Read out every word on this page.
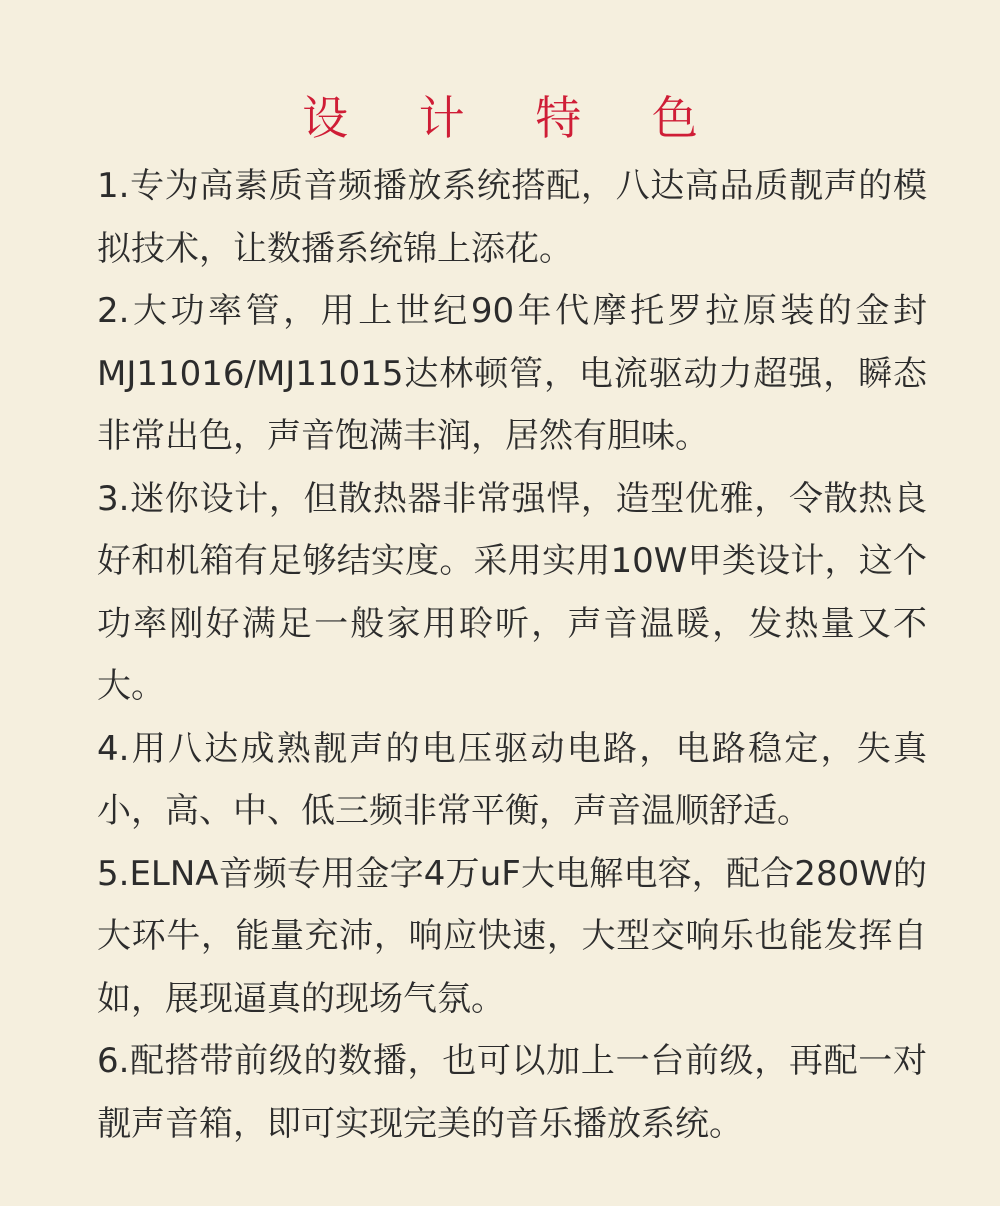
设 计 特 色

1.专为高素质音频播放系统搭配，八达高品质靓声的模拟技术，让数播系统锦上添花。

2.大功率管，用上世纪90年代摩托罗拉原装的金封MJ11016/MJ11015达林顿管，电流驱动力超强，瞬态非常出色，声音饱满丰润，居然有胆味。

3.迷你设计，但散热器非常强悍，造型优雅，令散热良好和机箱有足够结实度。采用实用10W甲类设计，这个功率刚好满足一般家用聆听，声音温暖，发热量又不大。

4.用八达成熟靓声的电压驱动电路，电路稳定，失真小，高、中、低三频非常平衡，声音温顺舒适。

5.ELNA音频专用金字4万uF大电解电容，配合280W的大环牛，能量充沛，响应快速，大型交响乐也能发挥自如，展现逼真的现场气氛。

6.配搭带前级的数播，也可以加上一台前级，再配一对靓声音箱，即可实现完美的音乐播放系统。
